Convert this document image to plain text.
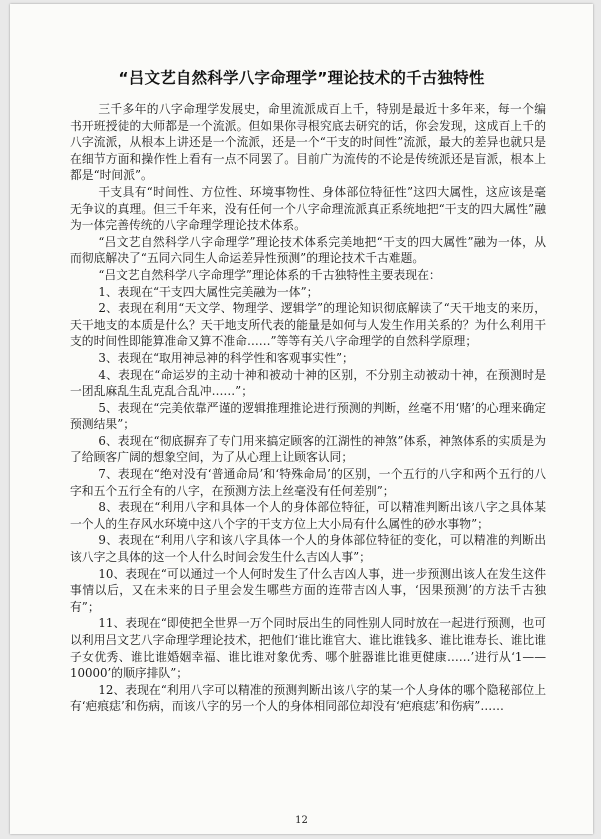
“吕文艺自然科学八字命理学”理论技术的千古独特性

三千多年的八字命理学发展史，命里流派成百上千，特别是最近十多年来，每一个编书开班授徒的大师都是一个流派。但如果你寻根究底去研究的话，你会发现，这成百上千的八字流派，从根本上讲还是一个流派，还是一个“干支的时间性”流派，最大的差异也就只是在细节方面和操作性上看有一点不同罢了。目前广为流传的不论是传统派还是盲派，根本上都是“时间派”。

干支具有“时间性、方位性、环境事物性、身体部位特征性”这四大属性，这应该是毫无争议的真理。但三千年来，没有任何一个八字命理流派真正系统地把“干支的四大属性”融为一体完善传统的八字命理学理论技术体系。

“吕文艺自然科学八字命理学”理论技术体系完美地把“干支的四大属性”融为一体，从而彻底解决了“五同六同生人命运差异性预测”的理论技术千古难题。

“吕文艺自然科学八字命理学”理论体系的千古独特性主要表现在：

1、表现在“干支四大属性完美融为一体”；

2、表现在利用“天文学、物理学、逻辑学”的理论知识彻底解读了“天干地支的来历，天干地支的本质是什么？天干地支所代表的能量是如何与人发生作用关系的？为什么利用干支的时间性即能算准命又算不准命……”等等有关八字命理学的自然科学原理；

3、表现在“取用神忌神的科学性和客观事实性”；

4、表现在“命运岁的主动十神和被动十神的区别，不分别主动被动十神，在预测时是一团乱麻乱生乱克乱合乱冲……”；

5、表现在“完美依靠严谨的逻辑推理推论进行预测的判断，丝毫不用‘赌’的心理来确定预测结果”；

6、表现在“彻底摒弃了专门用来搞定顾客的江湖性的神煞”体系，神煞体系的实质是为了给顾客广阔的想象空间，为了从心理上让顾客认同；

7、表现在“绝对没有‘普通命局’和‘特殊命局’的区别，一个五行的八字和两个五行的八字和五个五行全有的八字，在预测方法上丝毫没有任何差别”；

8、表现在“利用八字和具体一个人的身体部位特征，可以精准判断出该八字之具体某一个人的生存风水环境中这八个字的干支方位上大小局有什么属性的砂水事物”；

9、表现在“利用八字和该八字具体一个人的身体部位特征的变化，可以精准的判断出该八字之具体的这一个人什么时间会发生什么吉凶人事”；

10、表现在“可以通过一个人何时发生了什么吉凶人事，进一步预测出该人在发生这件事情以后，又在未来的日子里会发生哪些方面的连带吉凶人事，‘因果预测’的方法千古独有”；

11、表现在“即使把全世界一万个同时辰出生的同性别人同时放在一起进行预测，也可以利用吕文艺八字命理学理论技术，把他们‘谁比谁官大、谁比谁钱多、谁比谁寿长、谁比谁子女优秀、谁比谁婚姻幸福、谁比谁对象优秀、哪个脏器谁比谁更健康……’进行从‘1——10000’的顺序排队”；

12、表现在“利用八字可以精准的预测判断出该八字的某一个人身体的哪个隐秘部位上有‘疤痕痣’和伤病，而该八字的另一个人的身体相同部位却没有‘疤痕痣’和伤病”……

12
